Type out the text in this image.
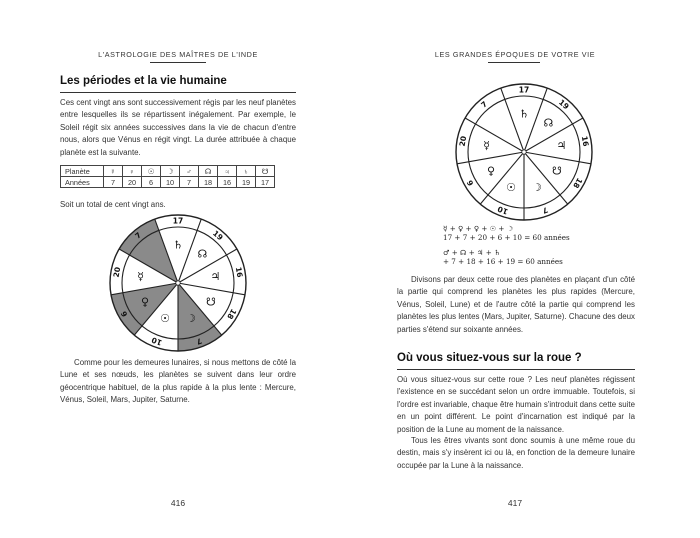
L'ASTROLOGIE DES MAÎTRES DE L'INDE
Les périodes et la vie humaine

Ces cent vingt ans sont successivement régis par les neuf planètes entre lesquelles ils se répartissent inégalement. Par exemple, le Soleil régit six années successives dans la vie de chacun d'entre nous, alors que Vénus en régit vingt. La durée attribuée à chaque planète est la suivante.

Planète	☿	♀	☉	☽	♂	☊	♃	♄	☋
Années	7	20	6	10	7	18	16	19	17

Soit un total de cent vingt ans.

17
19
16
18
7
10
6
20
7
♄
☊
♃
☋
☽
☉
♀
☿

Comme pour les demeures lunaires, si nous mettons de côté la Lune et ses nœuds, les planètes se suivent dans leur ordre géocentrique habituel, de la plus rapide à la plus lente : Mercure, Vénus, Soleil, Mars, Jupiter, Saturne.

416
LES GRANDES ÉPOQUES DE VOTRE VIE
17
19
16
18
7
10
6
20
7
♄
☊
♃
☋
☽
☉
♀
☿
☿ + ♀ + ♀ + ☉ + ☽
17 + 7 + 20 + 6 + 10 = 60 années
♂ + ☊ + ♃ + ♄
+ 7 + 18 + 16 + 19 = 60 années

Divisons par deux cette roue des planètes en plaçant d'un côté la partie qui comprend les planètes les plus rapides (Mercure, Vénus, Soleil, Lune) et de l'autre côté la partie qui comprend les planètes les plus lentes (Mars, Jupiter, Saturne). Chacune des deux parties s'étend sur soixante années.

Où vous situez-vous sur la roue ?

Où vous situez-vous sur cette roue ? Les neuf planètes régissent l'existence en se succédant selon un ordre immuable. Toutefois, si l'ordre est invariable, chaque être humain s'introduit dans cette suite en un point différent. Le point d'incarnation est indiqué par la position de la Lune au moment de la naissance.

Tous les êtres vivants sont donc soumis à une même roue du destin, mais s'y insèrent ici ou là, en fonction de la demeure lunaire occupée par la Lune à la naissance.

417
